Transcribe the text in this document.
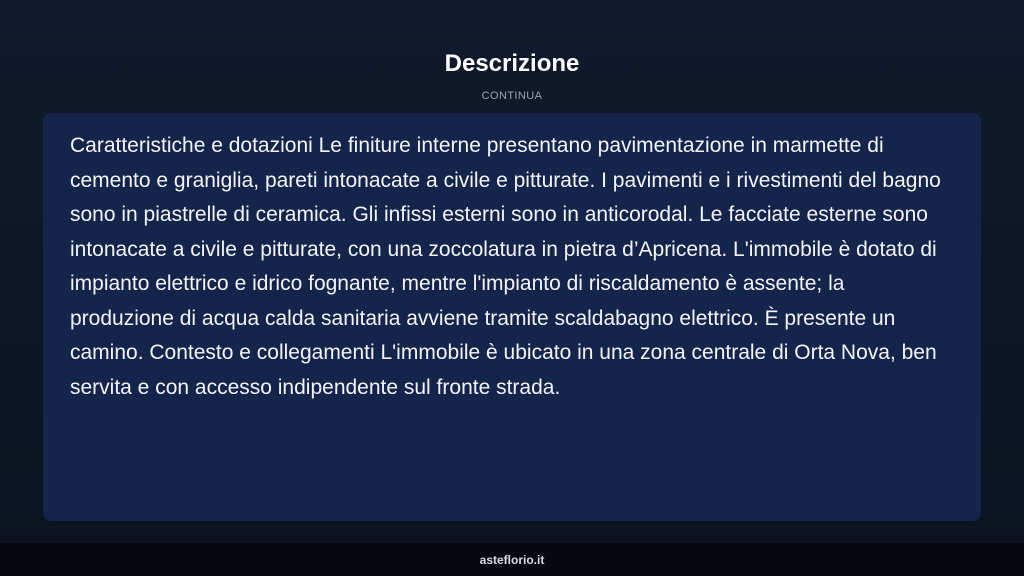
Descrizione
CONTINUA

Caratteristiche e dotazioni Le finiture interne presentano pavimentazione in marmette di cemento e graniglia, pareti intonacate a civile e pitturate. I pavimenti e i rivestimenti del bagno sono in piastrelle di ceramica. Gli infissi esterni sono in anticorodal. Le facciate esterne sono intonacate a civile e pitturate, con una zoccolatura in pietra d’Apricena. L'immobile è dotato di impianto elettrico e idrico fognante, mentre l'impianto di riscaldamento è assente; la produzione di acqua calda sanitaria avviene tramite scaldabagno elettrico. È presente un camino. Contesto e collegamenti L'immobile è ubicato in una zona centrale di Orta Nova, ben servita e con accesso indipendente sul fronte strada.

asteflorio.it
